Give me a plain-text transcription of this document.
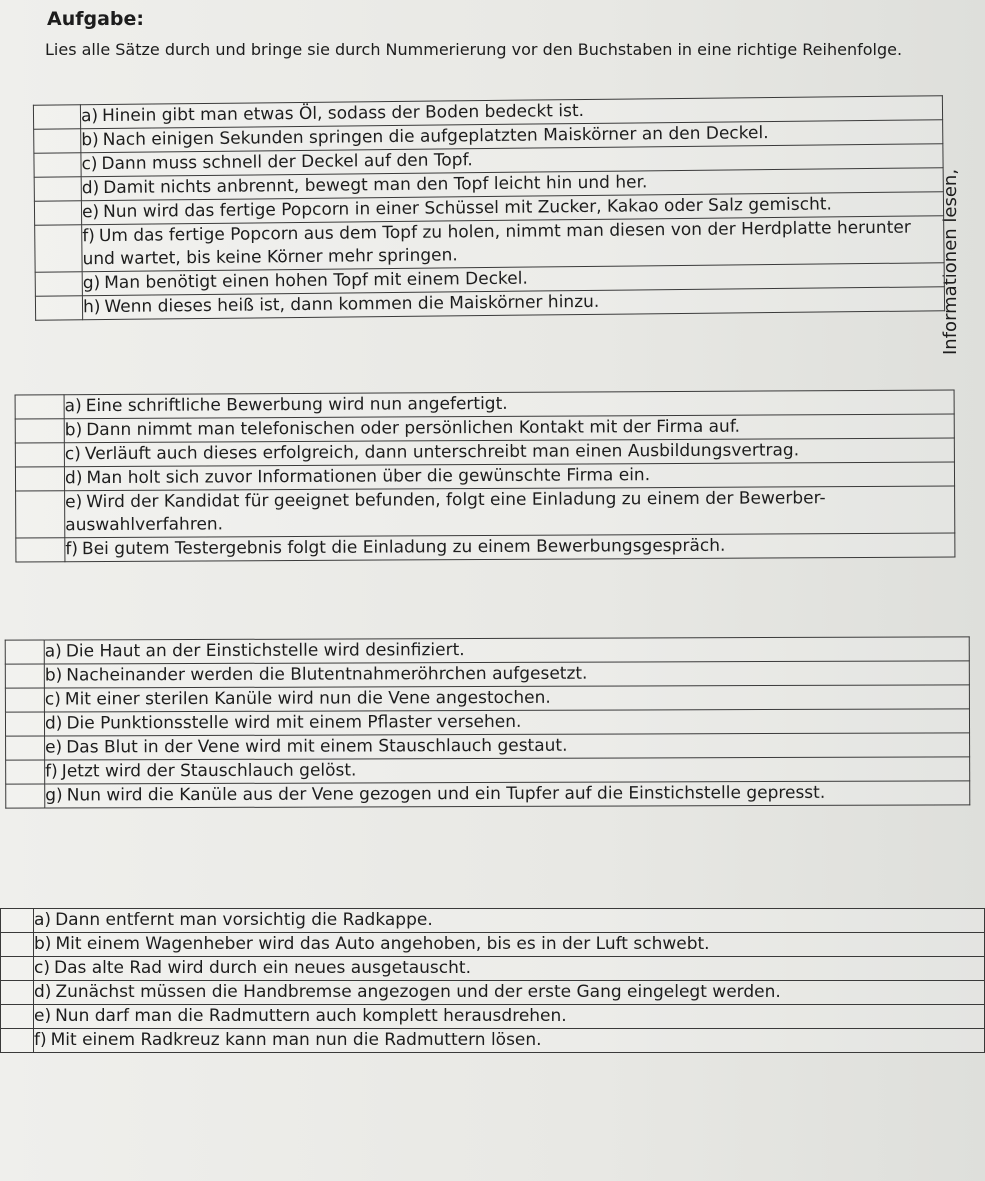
Aufgabe:

Lies alle Sätze durch und bringe sie durch Nummerierung vor den Buchstaben in eine richtige Reihenfolge.

Informationen lesen,
	a) Hinein gibt man etwas Öl, sodass der Boden bedeckt ist.
	b) Nach einigen Sekunden springen die aufgeplatzten Maiskörner an den Deckel.
	c) Dann muss schnell der Deckel auf den Topf.
	d) Damit nichts anbrennt, bewegt man den Topf leicht hin und her.
	e) Nun wird das fertige Popcorn in einer Schüssel mit Zucker, Kakao oder Salz gemischt.
	f) Um das fertige Popcorn aus dem Topf zu holen, nimmt man diesen von der Herdplatte herunter und wartet, bis keine Körner mehr springen.
	g) Man benötigt einen hohen Topf mit einem Deckel.
	h) Wenn dieses heiß ist, dann kommen die Maiskörner hinzu.
	a) Eine schriftliche Bewerbung wird nun angefertigt.
	b) Dann nimmt man telefonischen oder persönlichen Kontakt mit der Firma auf.
	c) Verläuft auch dieses erfolgreich, dann unterschreibt man einen Ausbildungsvertrag.
	d) Man holt sich zuvor Informationen über die gewünschte Firma ein.
	e) Wird der Kandidat für geeignet befunden, folgt eine Einladung zu einem der Bewerber-auswahlverfahren.
	f) Bei gutem Testergebnis folgt die Einladung zu einem Bewerbungsgespräch.
	a) Die Haut an der Einstichstelle wird desinfiziert.
	b) Nacheinander werden die Blutentnahmeröhrchen aufgesetzt.
	c) Mit einer sterilen Kanüle wird nun die Vene angestochen.
	d) Die Punktionsstelle wird mit einem Pflaster versehen.
	e) Das Blut in der Vene wird mit einem Stauschlauch gestaut.
	f) Jetzt wird der Stauschlauch gelöst.
	g) Nun wird die Kanüle aus der Vene gezogen und ein Tupfer auf die Einstichstelle gepresst.
	a) Dann entfernt man vorsichtig die Radkappe.
	b) Mit einem Wagenheber wird das Auto angehoben, bis es in der Luft schwebt.
	c) Das alte Rad wird durch ein neues ausgetauscht.
	d) Zunächst müssen die Handbremse angezogen und der erste Gang eingelegt werden.
	e) Nun darf man die Radmuttern auch komplett herausdrehen.
	f) Mit einem Radkreuz kann man nun die Radmuttern lösen.
